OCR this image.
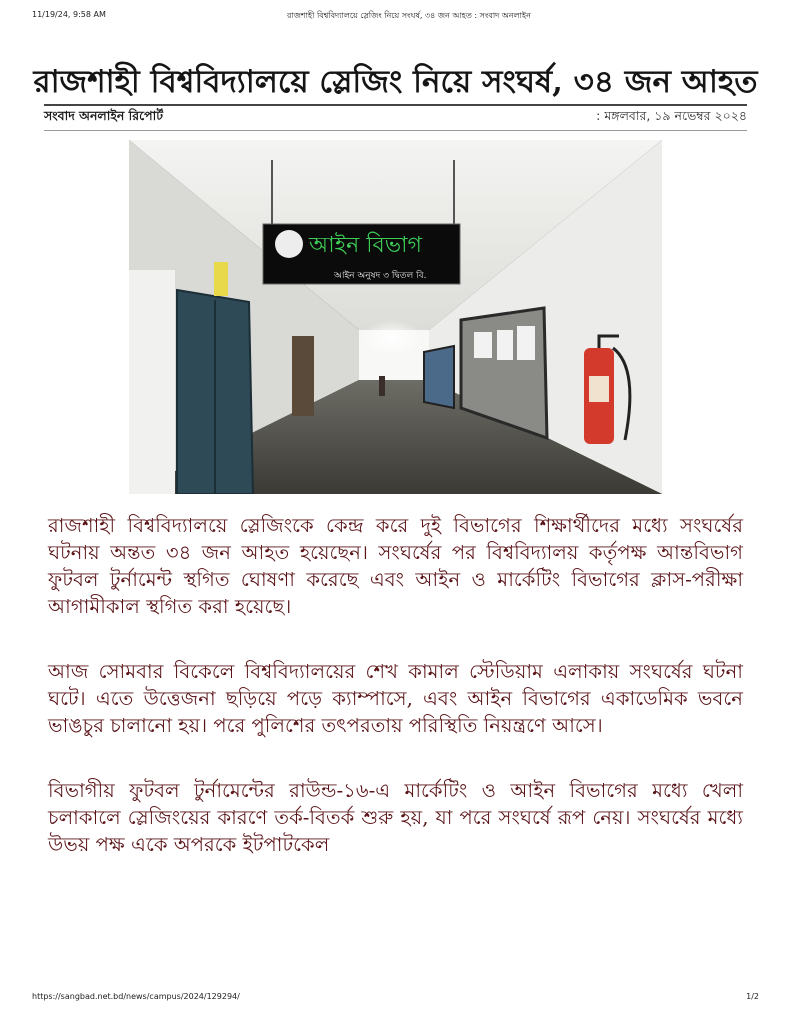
11/19/24, 9:58 AM	রাজশাহী বিশ্ববিদ্যালয়ে স্লেজিং নিয়ে সংঘর্ষ, ৩৪ জন আহত : সংবাদ অনলাইন
রাজশাহী বিশ্ববিদ্যালয়ে স্লেজিং নিয়ে সংঘর্ষ, ৩৪ জন আহত
সংবাদ অনলাইন রিপোর্ট	: মঙ্গলবার, ১৯ নভেম্বর ২০২৪
আইন বিভাগ
আইন অনুষদ ৩ দ্বিতল বি.

রাজশাহী বিশ্ববিদ্যালয়ে স্লেজিংকে কেন্দ্র করে দুই বিভাগের শিক্ষার্থীদের মধ্যে সংঘর্ষের ঘটনায় অন্তত ৩৪ জন আহত হয়েছেন। সংঘর্ষের পর বিশ্ববিদ্যালয় কর্তৃপক্ষ আন্তবিভাগ ফুটবল টুর্নামেন্ট স্থগিত ঘোষণা করেছে এবং আইন ও মার্কেটিং বিভাগের ক্লাস-পরীক্ষা আগামীকাল স্থগিত করা হয়েছে।

আজ সোমবার বিকেলে বিশ্ববিদ্যালয়ের শেখ কামাল স্টেডিয়াম এলাকায় সংঘর্ষের ঘটনা ঘটে। এতে উত্তেজনা ছড়িয়ে পড়ে ক্যাম্পাসে, এবং আইন বিভাগের একাডেমিক ভবনে ভাঙচুর চালানো হয়। পরে পুলিশের তৎপরতায় পরিস্থিতি নিয়ন্ত্রণে আসে।

বিভাগীয় ফুটবল টুর্নামেন্টের রাউন্ড-১৬-এ মার্কেটিং ও আইন বিভাগের মধ্যে খেলা চলাকালে স্লেজিংয়ের কারণে তর্ক-বিতর্ক শুরু হয়, যা পরে সংঘর্ষে রূপ নেয়। সংঘর্ষের মধ্যে উভয় পক্ষ একে অপরকে ইটপাটকেল

https://sangbad.net.bd/news/campus/2024/129294/	1/2
